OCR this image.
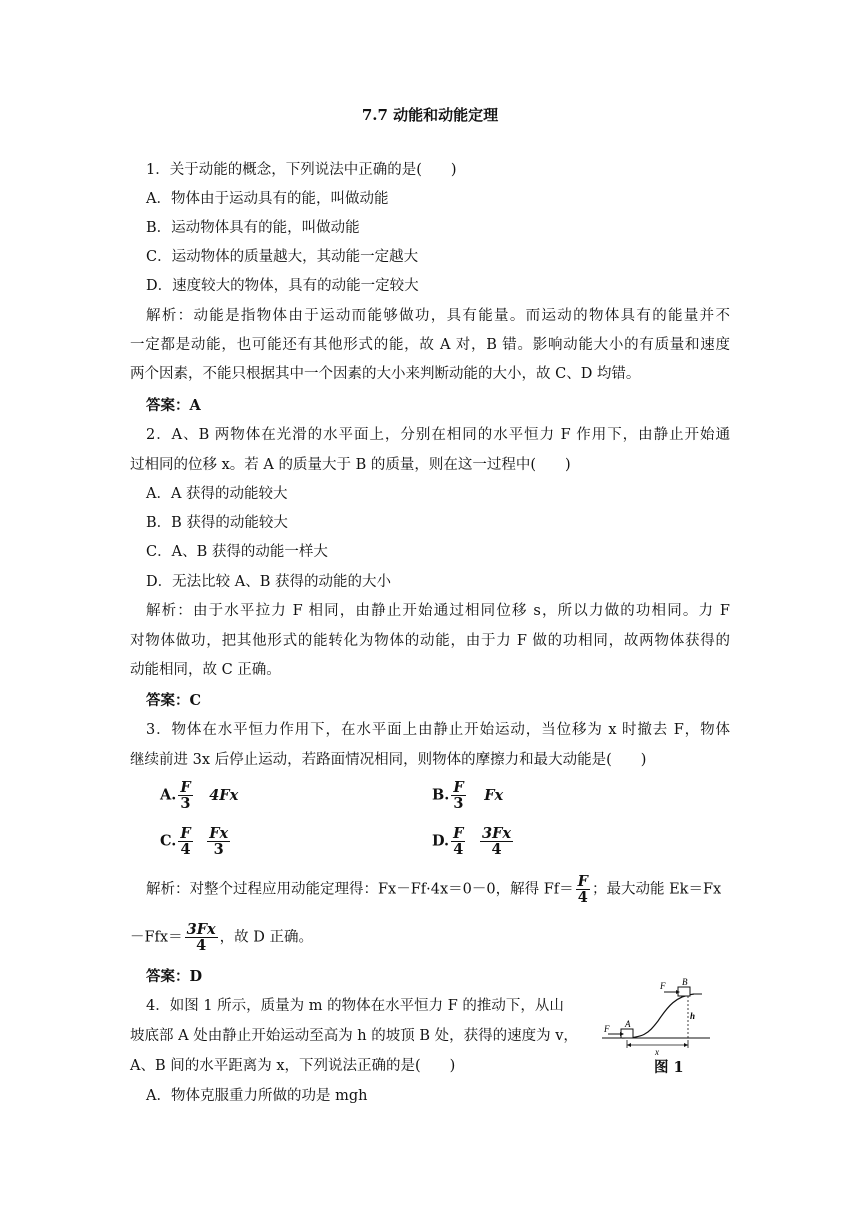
7.7 动能和动能定理
1．关于动能的概念，下列说法中正确的是(　　)
A．物体由于运动具有的能，叫做动能
B．运动物体具有的能，叫做动能
C．运动物体的质量越大，其动能一定越大
D．速度较大的物体，具有的动能一定较大
解析：动能是指物体由于运动而能够做功，具有能量。而运动的物体具有的能量并不
一定都是动能，也可能还有其他形式的能，故 A 对，B 错。影响动能大小的有质量和速度
两个因素，不能只根据其中一个因素的大小来判断动能的大小，故 C、D 均错。
答案：A
2．A、B 两物体在光滑的水平面上，分别在相同的水平恒力 F 作用下，由静止开始通
过相同的位移 x。若 A 的质量大于 B 的质量，则在这一过程中(　　)
A．A 获得的动能较大
B．B 获得的动能较大
C．A、B 获得的动能一样大
D．无法比较 A、B 获得的动能的大小
解析：由于水平拉力 F 相同，由静止开始通过相同位移 s，所以力做的功相同。力 F
对物体做功，把其他形式的能转化为物体的动能，由于力 F 做的功相同，故两物体获得的
动能相同，故 C 正确。
答案：C
3．物体在水平恒力作用下，在水平面上由静止开始运动，当位移为 x 时撤去 F，物体
继续前进 3x 后停止运动，若路面情况相同，则物体的摩擦力和最大动能是(　　)
A. $\frac{F}{3} 4Fx$	B. $\frac{F}{3}$ Fx
C. $\frac{F}{4}$
$\frac{Fx}{3}$	D. $\frac{F}{4}$
$\frac{3Fx}{4}$
解析：对整个过程应用动能定理得：Fx－Ff·4x＝0－0，解得 $Ff= \frac{F}{4}$ ；最大动能 Ek＝Fx
$-Ffx= \frac{3Fx}{4}$ ，故 D 正确。
答案：D
4．如图 1 所示，质量为 m 的物体在水平恒力 F 的推动下，从山
坡底部 A 处由静止开始运动至高为 h 的坡顶 B 处，获得的速度为 v，
A、B 间的水平距离为 x，下列说法正确的是(　　)
A．物体克服重力所做的功是 mgh
F A
F B
h
x
图 1
